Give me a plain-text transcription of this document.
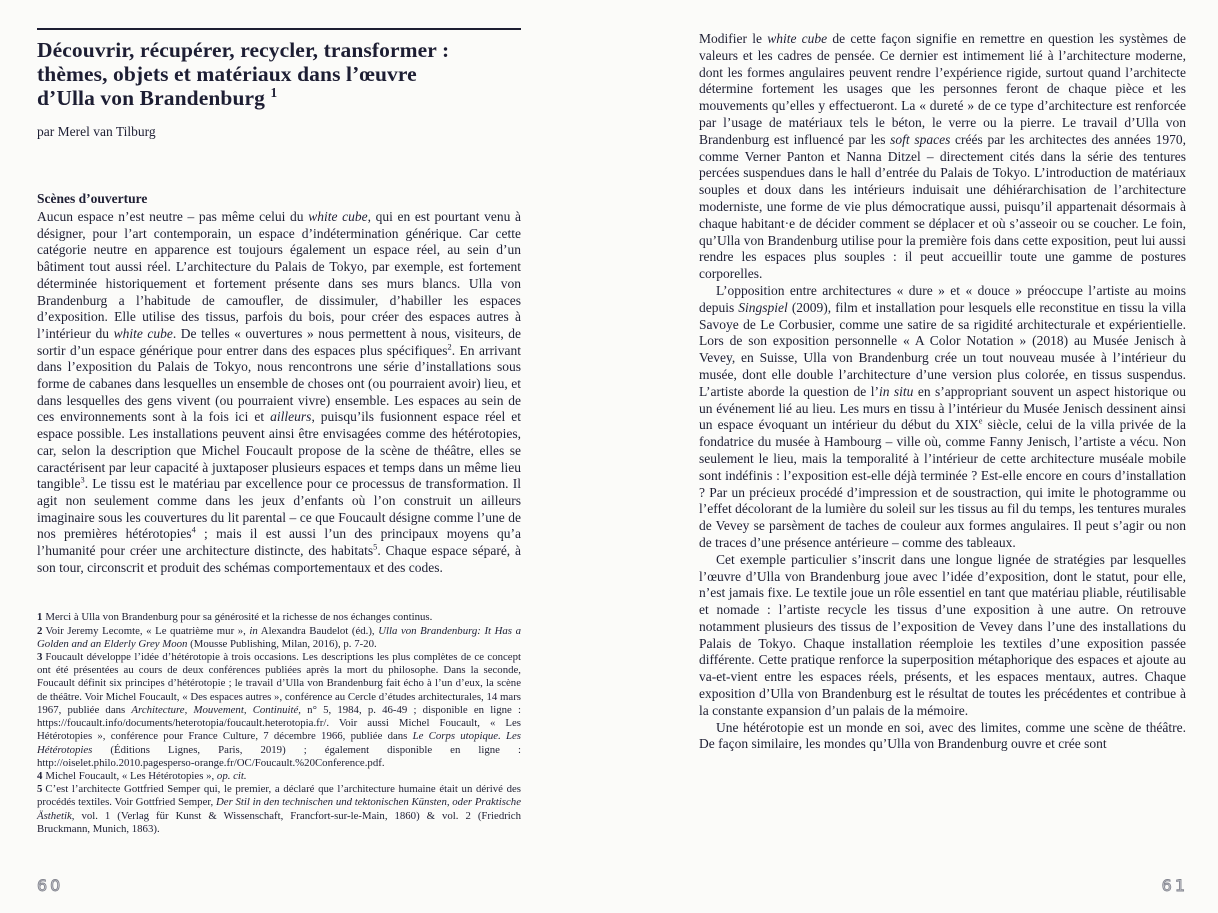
Découvrir, récupérer, recycler, transformer :
thèmes, objets et matériaux dans l’œuvre
d’Ulla von Brandenburg $^1$

par Merel van Tilburg

Scènes d’ouverture

Aucun espace n’est neutre – pas même celui du white cube, qui en est pourtant venu à désigner, pour l’art contemporain, un espace d’indétermination générique. Car cette catégorie neutre en apparence est toujours également un espace réel, au sein d’un bâtiment tout aussi réel. L’architecture du Palais de Tokyo, par exemple, est fortement déterminée historiquement et fortement présente dans ses murs blancs. Ulla von Brandenburg a l’habitude de camoufler, de dissimuler, d’habiller les espaces d’exposition. Elle utilise des tissus, parfois du bois, pour créer des espaces autres à l’intérieur du white cube. De telles « ouvertures » nous permettent à nous, visiteurs, de sortir d’un espace générique pour entrer dans des espaces plus spécifiques$^2$. En arrivant dans l’exposition du Palais de Tokyo, nous rencontrons une série d’installations sous forme de cabanes dans lesquelles un ensemble de choses ont (ou pourraient avoir) lieu, et dans lesquelles des gens vivent (ou pourraient vivre) ensemble. Les espaces au sein de ces environnements sont à la fois ici et ailleurs, puisqu’ils fusionnent espace réel et espace possible. Les installations peuvent ainsi être envisagées comme des hétérotopies, car, selon la description que Michel Foucault propose de la scène de théâtre, elles se caractérisent par leur capacité à juxtaposer plusieurs espaces et temps dans un même lieu tangible$^3$. Le tissu est le matériau par excellence pour ce processus de transformation. Il agit non seulement comme dans les jeux d’enfants où l’on construit un ailleurs imaginaire sous les couvertures du lit parental – ce que Foucault désigne comme l’une de nos premières hétérotopies$^4$ ; mais il est aussi l’un des principaux moyens qu’a l’humanité pour créer une architecture distincte, des habitats$^5$. Chaque espace séparé, à son tour, circonscrit et produit des schémas comportementaux et des codes.

1 Merci à Ulla von Brandenburg pour sa générosité et la richesse de nos échanges continus.

2 Voir Jeremy Lecomte, « Le quatrième mur », in Alexandra Baudelot (éd.), Ulla von Brandenburg: It Has a Golden and an Elderly Grey Moon (Mousse Publishing, Milan, 2016), p. 7-20.

3 Foucault développe l’idée d’hétérotopie à trois occasions. Les descriptions les plus complètes de ce concept ont été présentées au cours de deux conférences publiées après la mort du philosophe. Dans la seconde, Foucault définit six principes d’hétérotopie ; le travail d’Ulla von Brandenburg fait écho à l’un d’eux, la scène de théâtre. Voir Michel Foucault, « Des espaces autres », conférence au Cercle d’études architecturales, 14 mars 1967, publiée dans Architecture, Mouvement, Continuité, n° 5, 1984, p. 46-49 ; disponible en ligne : https://foucault.info/documents/heterotopia/foucault.heterotopia.fr/. Voir aussi Michel Foucault, « Les Hétérotopies », conférence pour France Culture, 7 décembre 1966, publiée dans Le Corps utopique. Les Hétérotopies (Éditions Lignes, Paris, 2019) ; également disponible en ligne : http://oiselet.philo.2010.pagesperso-orange.fr/OC/Foucault.%20Conference.pdf.

4 Michel Foucault, « Les Hétérotopies », op. cit.

5 C’est l’architecte Gottfried Semper qui, le premier, a déclaré que l’architecture humaine était un dérivé des procédés textiles. Voir Gottfried Semper, Der Stil in den technischen und tektonischen Künsten, oder Praktische Ästhetik, vol. 1 (Verlag für Kunst & Wissenschaft, Francfort-sur-le-Main, 1860) & vol. 2 (Friedrich Bruckmann, Munich, 1863).

Modifier le white cube de cette façon signifie en remettre en question les systèmes de valeurs et les cadres de pensée. Ce dernier est intimement lié à l’architecture moderne, dont les formes angulaires peuvent rendre l’expérience rigide, surtout quand l’architecte détermine fortement les usages que les personnes feront de chaque pièce et les mouvements qu’elles y effectueront. La « dureté » de ce type d’architecture est renforcée par l’usage de matériaux tels le béton, le verre ou la pierre. Le travail d’Ulla von Brandenburg est influencé par les soft spaces créés par les architectes des années 1970, comme Verner Panton et Nanna Ditzel – directement cités dans la série des tentures percées suspendues dans le hall d’entrée du Palais de Tokyo. L’introduction de matériaux souples et doux dans les intérieurs induisait une déhiérarchisation de l’architecture moderniste, une forme de vie plus démocratique aussi, puisqu’il appartenait désormais à chaque habitant·e de décider comment se déplacer et où s’asseoir ou se coucher. Le foin, qu’Ulla von Brandenburg utilise pour la première fois dans cette exposition, peut lui aussi rendre les espaces plus souples : il peut accueillir toute une gamme de postures corporelles.

L’opposition entre architectures « dure » et « douce » préoccupe l’artiste au moins depuis Singspiel (2009), film et installation pour lesquels elle reconstitue en tissu la villa Savoye de Le Corbusier, comme une satire de sa rigidité architecturale et expérientielle. Lors de son exposition personnelle « A Color Notation » (2018) au Musée Jenisch à Vevey, en Suisse, Ulla von Brandenburg crée un tout nouveau musée à l’intérieur du musée, dont elle double l’architecture d’une version plus colorée, en tissus suspendus. L’artiste aborde la question de l’in situ en s’appropriant souvent un aspect historique ou un événement lié au lieu. Les murs en tissu à l’intérieur du Musée Jenisch dessinent ainsi un espace évoquant un intérieur du début du XIXe siècle, celui de la villa privée de la fondatrice du musée à Hambourg – ville où, comme Fanny Jenisch, l’artiste a vécu. Non seulement le lieu, mais la temporalité à l’intérieur de cette architecture muséale mobile sont indéfinis : l’exposition est-elle déjà terminée ? Est-elle encore en cours d’installation ? Par un précieux procédé d’impression et de soustraction, qui imite le photogramme ou l’effet décolorant de la lumière du soleil sur les tissus au fil du temps, les tentures murales de Vevey se parsèment de taches de couleur aux formes angulaires. Il peut s’agir ou non de traces d’une présence antérieure – comme des tableaux.

Cet exemple particulier s’inscrit dans une longue lignée de stratégies par lesquelles l’œuvre d’Ulla von Brandenburg joue avec l’idée d’exposition, dont le statut, pour elle, n’est jamais fixe. Le textile joue un rôle essentiel en tant que matériau pliable, réutilisable et nomade : l’artiste recycle les tissus d’une exposition à une autre. On retrouve notamment plusieurs des tissus de l’exposition de Vevey dans l’une des installations du Palais de Tokyo. Chaque installation réemploie les textiles d’une exposition passée différente. Cette pratique renforce la superposition métaphorique des espaces et ajoute au va-et-vient entre les espaces réels, présents, et les espaces mentaux, autres. Chaque exposition d’Ulla von Brandenburg est le résultat de toutes les précédentes et contribue à la constante expansion d’un palais de la mémoire.

Une hétérotopie est un monde en soi, avec des limites, comme une scène de théâtre. De façon similaire, les mondes qu’Ulla von Brandenburg ouvre et crée sont

60	61
